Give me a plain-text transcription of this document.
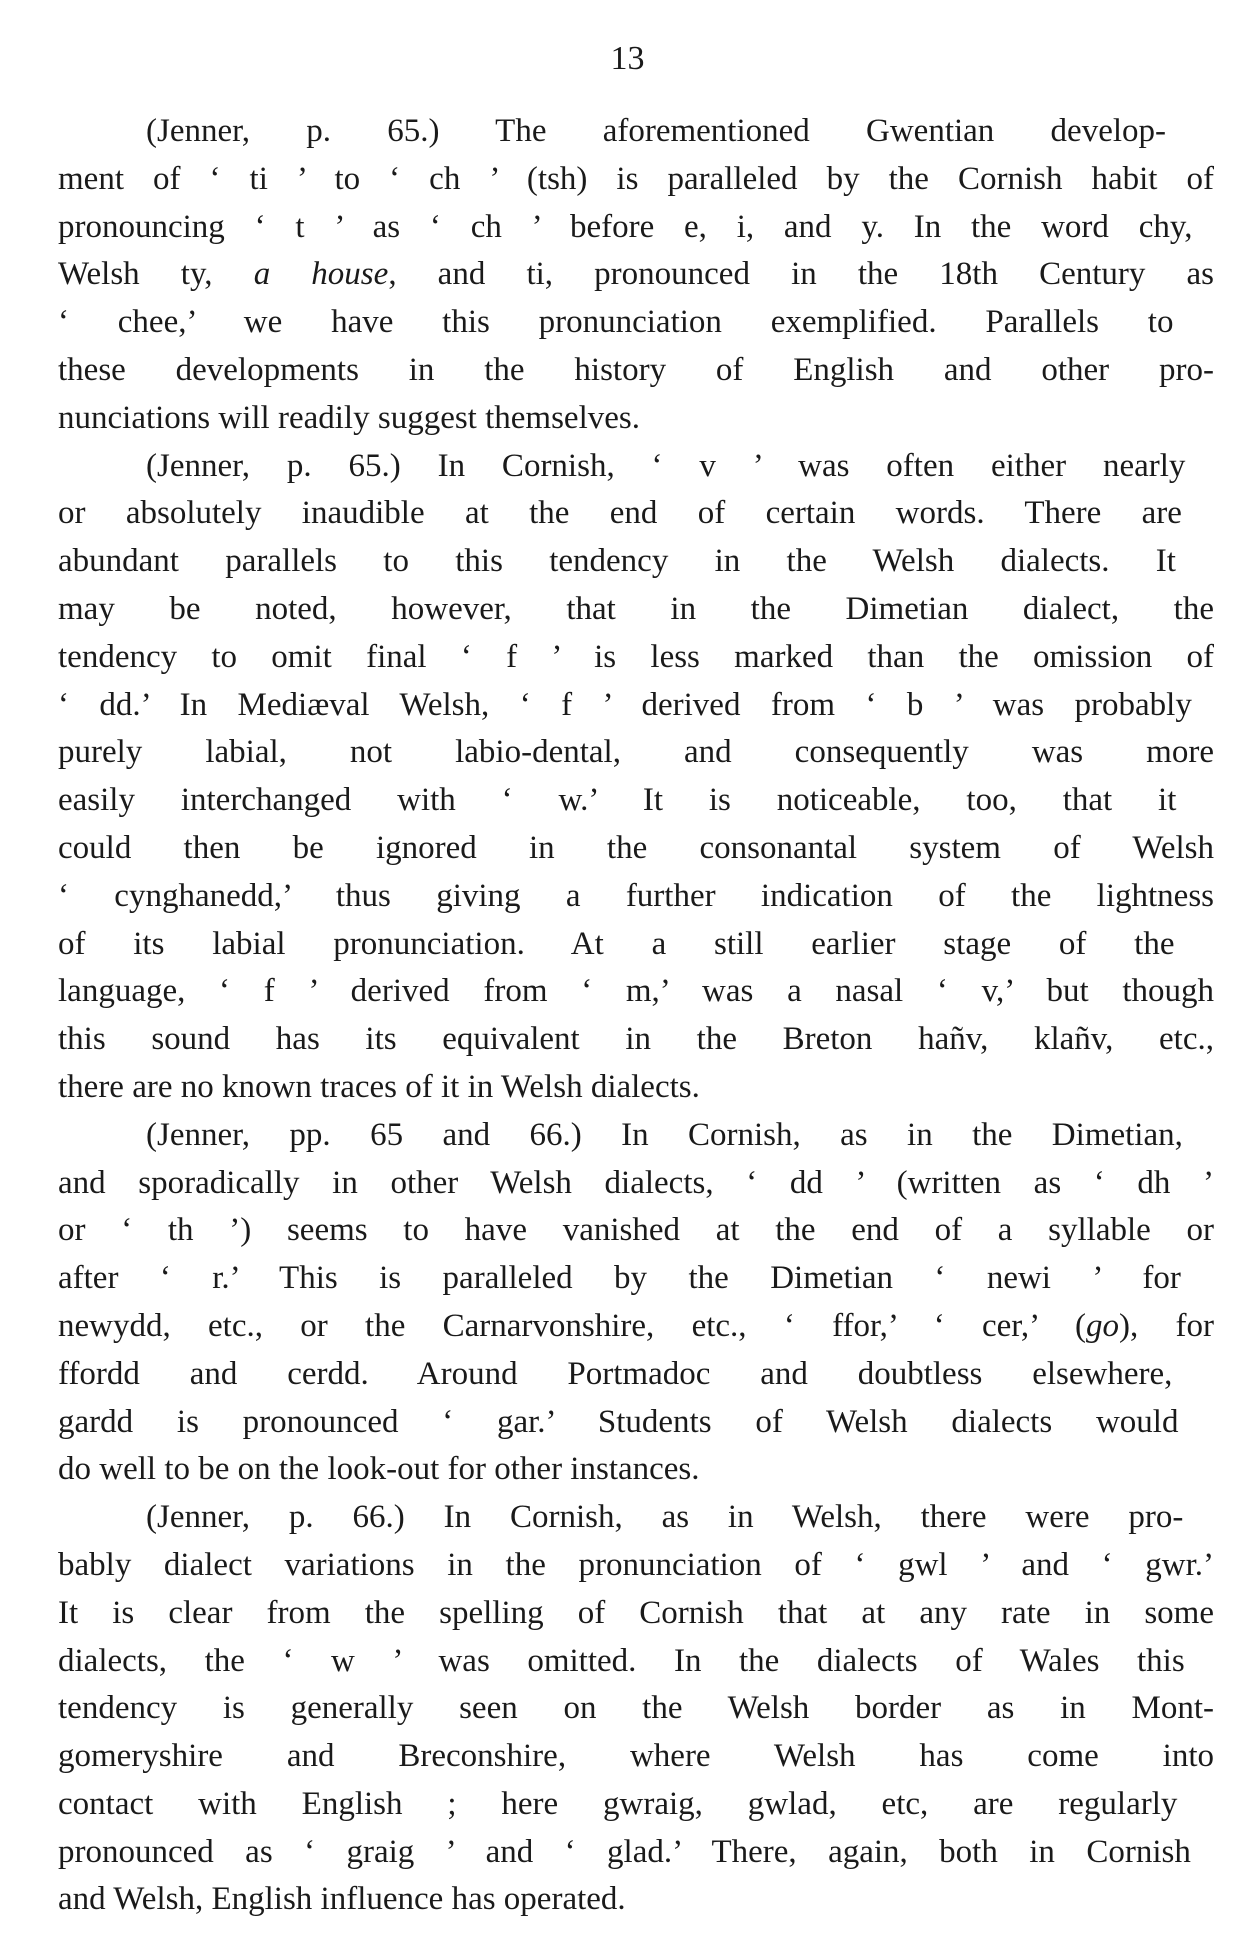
13
(Jenner, p. 65.) The aforementioned Gwentian develop-
ment of ‘ ti ’ to ‘ ch ’ (tsh) is paralleled by the Cornish habit of
pronouncing ‘ t ’ as ‘ ch ’ before e, i, and y. In the word chy,
Welsh ty, a house, and ti, pronounced in the 18th Century as
‘ chee,’ we have this pronunciation exemplified. Parallels to
these developments in the history of English and other pro-
nunciations will readily suggest themselves.
(Jenner, p. 65.) In Cornish, ‘ v ’ was often either nearly
or absolutely inaudible at the end of certain words. There are
abundant parallels to this tendency in the Welsh dialects. It
may be noted, however, that in the Dimetian dialect, the
tendency to omit final ‘ f ’ is less marked than the omission of
‘ dd.’ In Mediæval Welsh, ‘ f ’ derived from ‘ b ’ was probably
purely labial, not labio-dental, and consequently was more
easily interchanged with ‘ w.’ It is noticeable, too, that it
could then be ignored in the consonantal system of Welsh
‘ cynghanedd,’ thus giving a further indication of the lightness
of its labial pronunciation. At a still earlier stage of the
language, ‘ f ’ derived from ‘ m,’ was a nasal ‘ v,’ but though
this sound has its equivalent in the Breton hañv, klañv, etc.,
there are no known traces of it in Welsh dialects.
(Jenner, pp. 65 and 66.) In Cornish, as in the Dimetian,
and sporadically in other Welsh dialects, ‘ dd ’ (written as ‘ dh ’
or ‘ th ’) seems to have vanished at the end of a syllable or
after ‘ r.’ This is paralleled by the Dimetian ‘ newi ’ for
newydd, etc., or the Carnarvonshire, etc., ‘ ffor,’ ‘ cer,’ (go), for
ffordd and cerdd. Around Portmadoc and doubtless elsewhere,
gardd is pronounced ‘ gar.’ Students of Welsh dialects would
do well to be on the look-out for other instances.
(Jenner, p. 66.) In Cornish, as in Welsh, there were pro-
bably dialect variations in the pronunciation of ‘ gwl ’ and ‘ gwr.’
It is clear from the spelling of Cornish that at any rate in some
dialects, the ‘ w ’ was omitted. In the dialects of Wales this
tendency is generally seen on the Welsh border as in Mont-
gomeryshire and Breconshire, where Welsh has come into
contact with English ; here gwraig, gwlad, etc, are regularly
pronounced as ‘ graig ’ and ‘ glad.’ There, again, both in Cornish
and Welsh, English influence has operated.
